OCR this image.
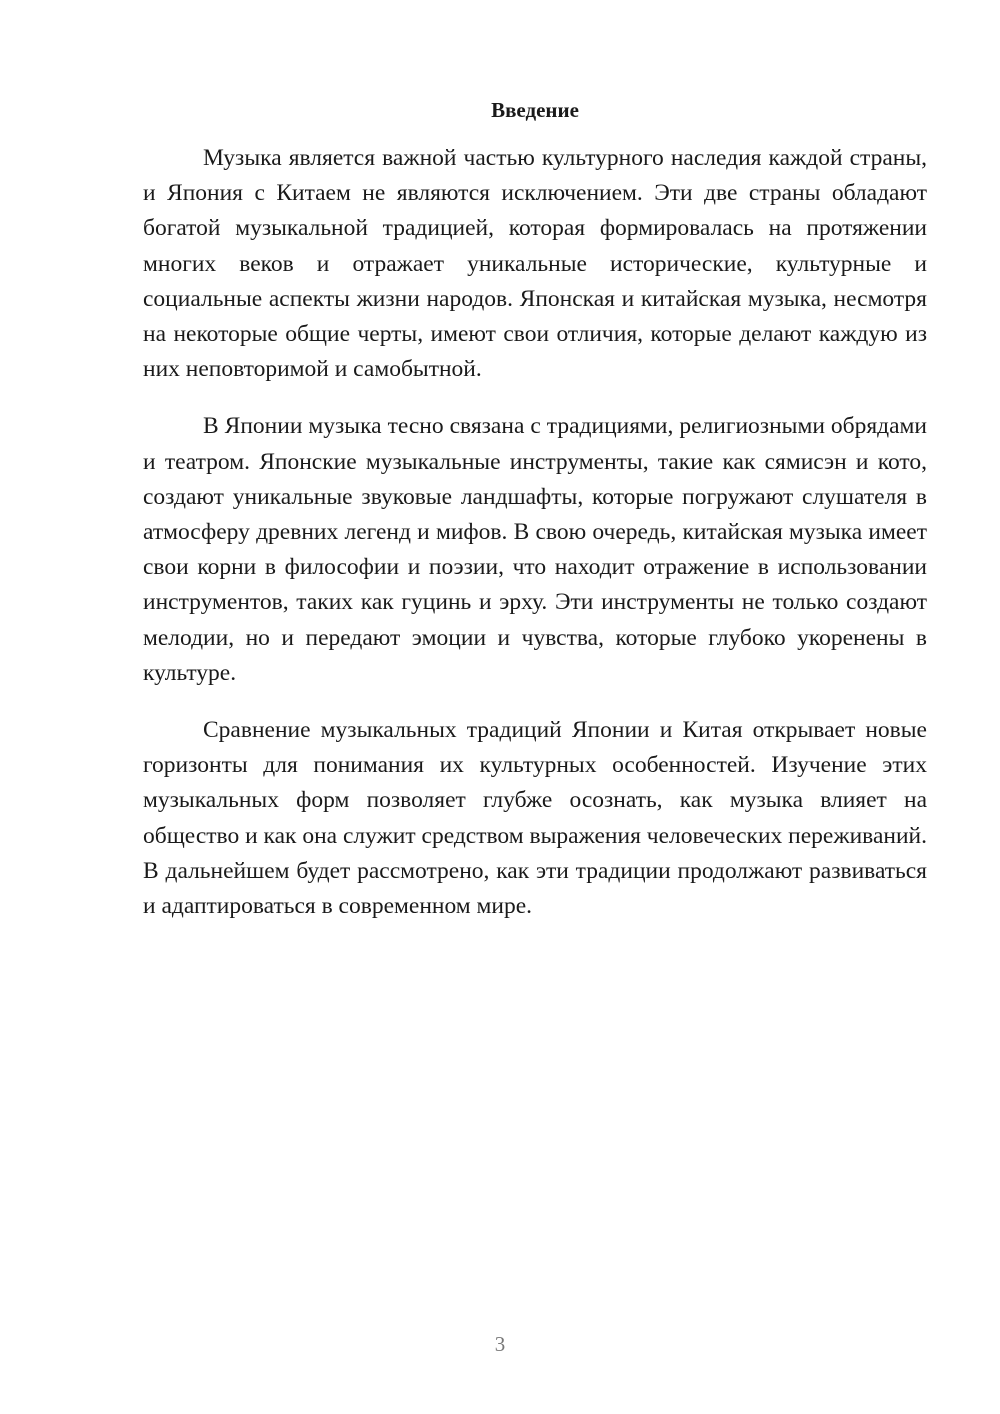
Введение

Музыка является важной частью культурного наследия каждой страны, и Япония с Китаем не являются исключением. Эти две страны обладают богатой музыкальной традицией, которая формировалась на протяжении многих веков и отражает уникальные исторические, культурные и социальные аспекты жизни народов. Японская и китайская музыка, несмотря на некоторые общие черты, имеют свои отличия, которые делают каждую из них неповторимой и самобытной.

В Японии музыка тесно связана с традициями, религиозными обрядами и театром. Японские музыкальные инструменты, такие как сямисэн и кото, создают уникальные звуковые ландшафты, которые погружают слушателя в атмосферу древних легенд и мифов. В свою очередь, китайская музыка имеет свои корни в философии и поэзии, что находит отражение в использовании инструментов, таких как гуцинь и эрху. Эти инструменты не только создают мелодии, но и передают эмоции и чувства, которые глубоко укоренены в культуре.

Сравнение музыкальных традиций Японии и Китая открывает новые горизонты для понимания их культурных особенностей. Изучение этих музыкальных форм позволяет глубже осознать, как музыка влияет на общество и как она служит средством выражения человеческих переживаний. В дальнейшем будет рассмотрено, как эти традиции продолжают развиваться и адаптироваться в современном мире.

3
